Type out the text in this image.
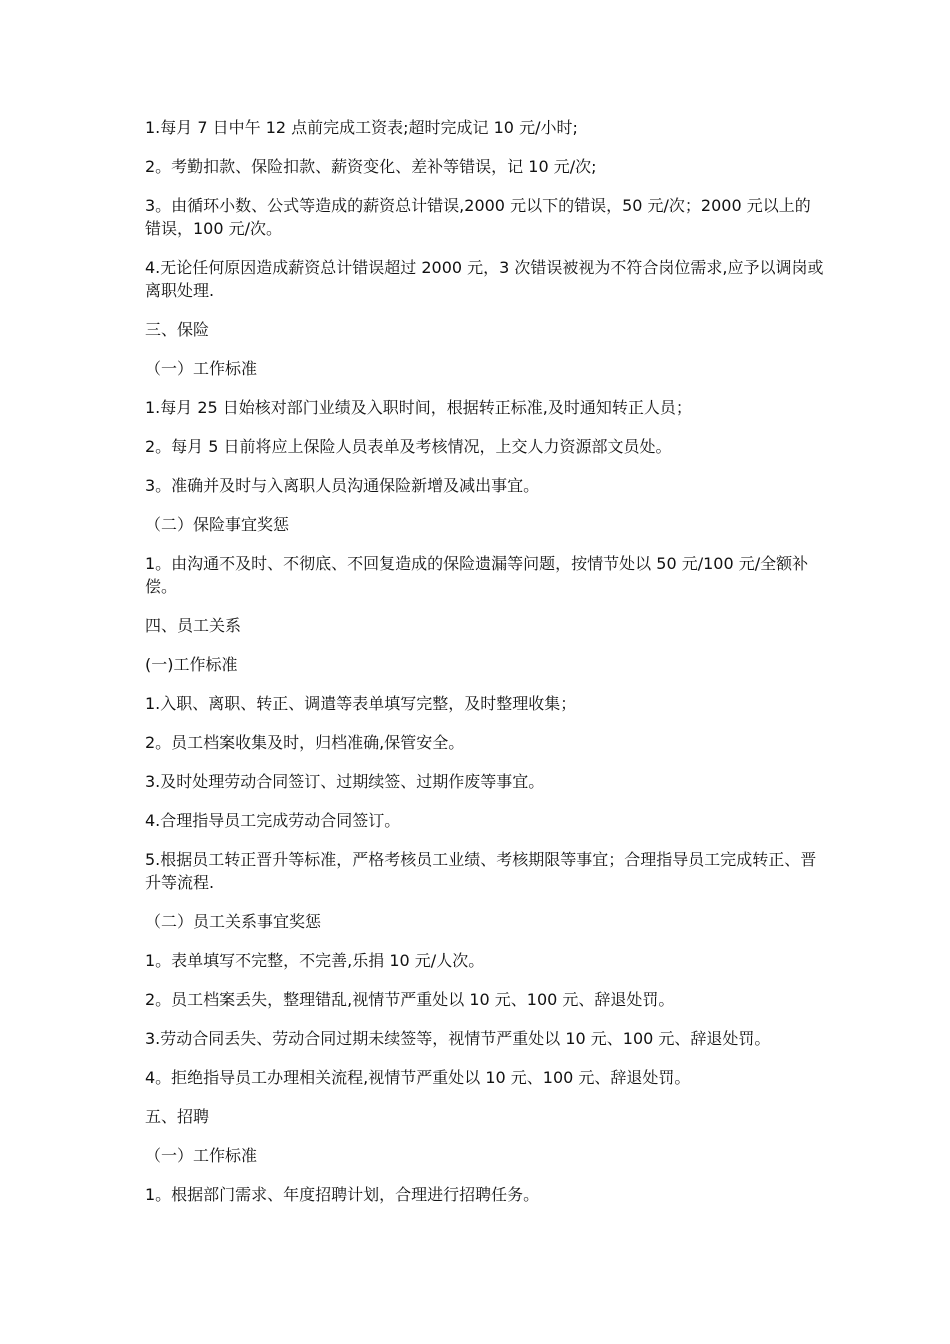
1.每月 7 日中午 12 点前完成工资表;超时完成记 10 元/小时;

2。考勤扣款、保险扣款、薪资变化、差补等错误，记 10 元/次;

3。由循环小数、公式等造成的薪资总计错误,2000 元以下的错误，50 元/次；2000 元以上的错误，100 元/次。

4.无论任何原因造成薪资总计错误超过 2000 元，3 次错误被视为不符合岗位需求,应予以调岗或离职处理.

三、保险

（一）工作标准

1.每月 25 日始核对部门业绩及入职时间，根据转正标准,及时通知转正人员；

2。每月 5 日前将应上保险人员表单及考核情况，上交人力资源部文员处。

3。准确并及时与入离职人员沟通保险新增及减出事宜。

（二）保险事宜奖惩

1。由沟通不及时、不彻底、不回复造成的保险遗漏等问题，按情节处以 50 元/100 元/全额补偿。

四、员工关系

(一)工作标准

1.入职、离职、转正、调遣等表单填写完整，及时整理收集；

2。员工档案收集及时，归档准确,保管安全。

3.及时处理劳动合同签订、过期续签、过期作废等事宜。

4.合理指导员工完成劳动合同签订。

5.根据员工转正晋升等标准，严格考核员工业绩、考核期限等事宜；合理指导员工完成转正、晋升等流程.

（二）员工关系事宜奖惩

1。表单填写不完整，不完善,乐捐 10 元/人次。

2。员工档案丢失，整理错乱,视情节严重处以 10 元、100 元、辞退处罚。

3.劳动合同丢失、劳动合同过期未续签等，视情节严重处以 10 元、100 元、辞退处罚。

4。拒绝指导员工办理相关流程,视情节严重处以 10 元、100 元、辞退处罚。

五、招聘

（一）工作标准

1。根据部门需求、年度招聘计划，合理进行招聘任务。
